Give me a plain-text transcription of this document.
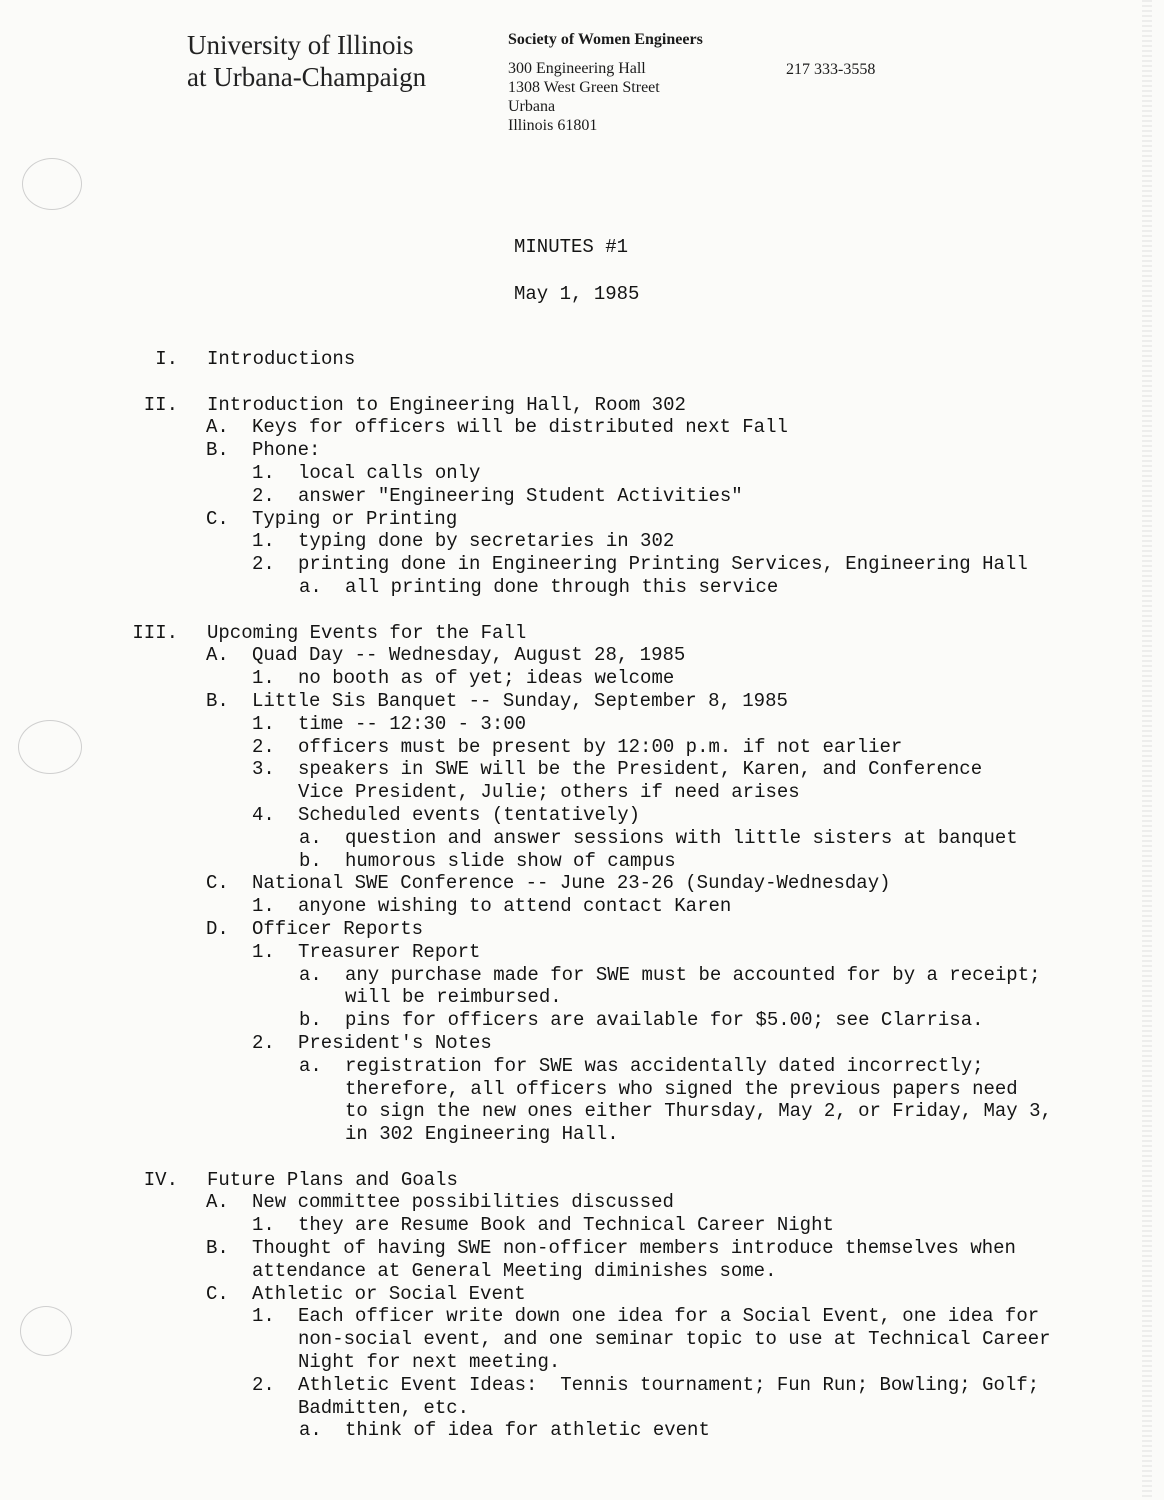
University of Illinois
at Urbana-Champaign
Society of Women Engineers
300 Engineering Hall
1308 West Green Street
Urbana
Illinois 61801
217 333-3558
MINUTES #1
May 1, 1985
I. Introductions
II. Introduction to Engineering Hall, Room 302
A.	Keys for officers will be distributed next Fall
B.	Phone:
1.	local calls only
2.	answer "Engineering Student Activities"
C.	Typing or Printing
1.	typing done by secretaries in 302
2.	printing done in Engineering Printing Services, Engineering Hall
a.	all printing done through this service
III. Upcoming Events for the Fall
A.	Quad Day -- Wednesday, August 28, 1985
1.	no booth as of yet; ideas welcome
B.	Little Sis Banquet -- Sunday, September 8, 1985
1.	time -- 12:30 - 3:00
2.	officers must be present by 12:00 p.m. if not earlier
3.	speakers in SWE will be the President, Karen, and Conference
Vice President, Julie; others if need arises
4.	Scheduled events (tentatively)
a.	question and answer sessions with little sisters at banquet
b.	humorous slide show of campus
C.	National SWE Conference -- June 23-26 (Sunday-Wednesday)
1.	anyone wishing to attend contact Karen
D.	Officer Reports
1.	Treasurer Report
a.	any purchase made for SWE must be accounted for by a receipt;
will be reimbursed.
b.	pins for officers are available for $5.00; see Clarrisa.
2.	President's Notes
a.	registration for SWE was accidentally dated incorrectly;
therefore, all officers who signed the previous papers need
to sign the new ones either Thursday, May 2, or Friday, May 3,
in 302 Engineering Hall.
IV. Future Plans and Goals
A.	New committee possibilities discussed
1.	they are Resume Book and Technical Career Night
B.	Thought of having SWE non-officer members introduce themselves when
attendance at General Meeting diminishes some.
C.	Athletic or Social Event
1.	Each officer write down one idea for a Social Event, one idea for
non-social event, and one seminar topic to use at Technical Career
Night for next meeting.
2.	Athletic Event Ideas:  Tennis tournament; Fun Run; Bowling; Golf;
Badmitten, etc.
a.	think of idea for athletic event
